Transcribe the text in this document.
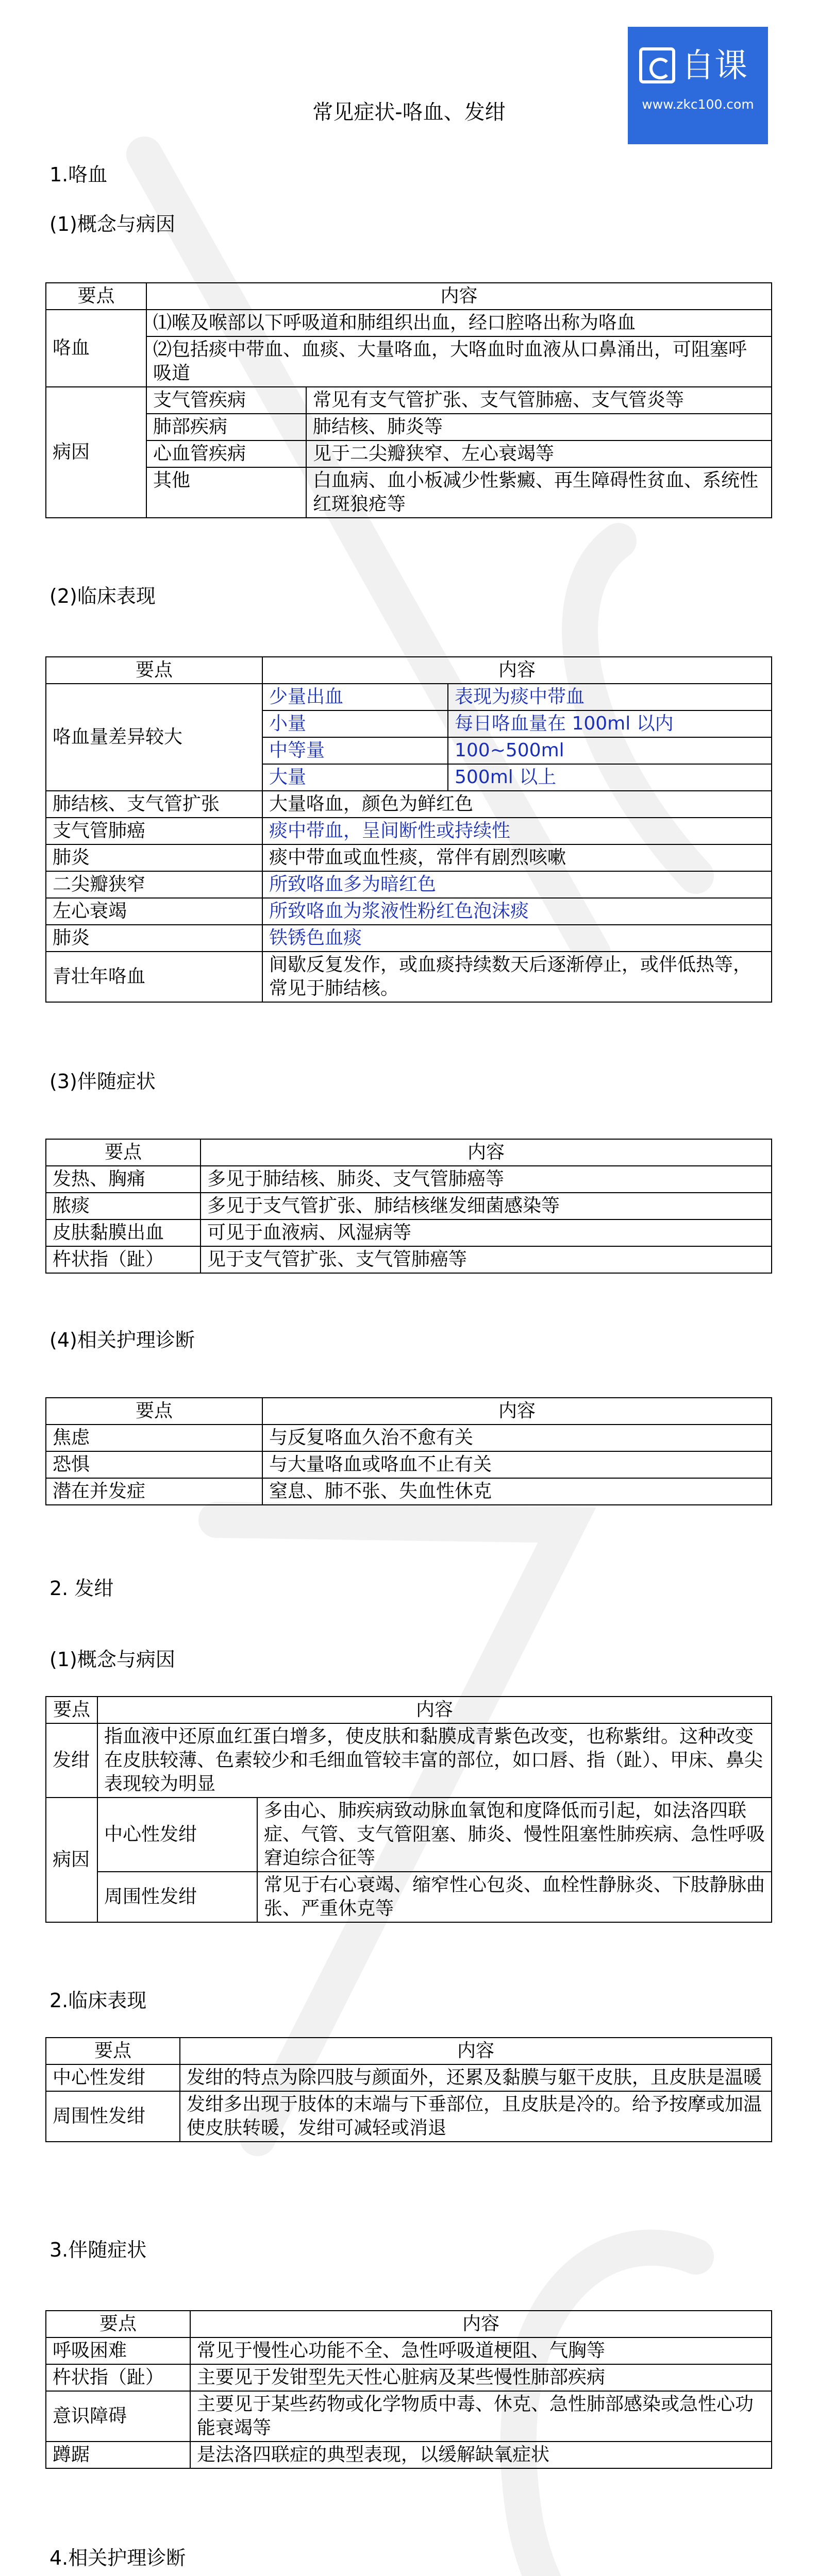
自课
www.zkc100.com
常见症状-咯血、发绀
1.咯血
(1)概念与病因
要点	内容	
咯血	⑴喉及喉部以下呼吸道和肺组织出血，经口腔咯出称为咯血	
	⑵包括痰中带血、血痰、大量咯血，大咯血时血液从口鼻涌出，可阻塞呼吸道	
病因	支气管疾病	常见有支气管扩张、支气管肺癌、支气管炎等
	肺部疾病	肺结核、肺炎等
	心血管疾病	见于二尖瓣狭窄、左心衰竭等
	其他	白血病、血小板减少性紫癜、再生障碍性贫血、系统性红斑狼疮等
(2)临床表现
要点	内容	
咯血量差异较大	少量出血	表现为痰中带血
	小量	每日咯血量在 100ml 以内
	中等量	100~500ml
	大量	500ml 以上
肺结核、支气管扩张	大量咯血，颜色为鲜红色	
支气管肺癌	痰中带血，呈间断性或持续性	
肺炎	痰中带血或血性痰，常伴有剧烈咳嗽	
二尖瓣狭窄	所致咯血多为暗红色	
左心衰竭	所致咯血为浆液性粉红色泡沫痰	
肺炎	铁锈色血痰	
青壮年咯血	间歇反复发作，或血痰持续数天后逐渐停止，或伴低热等，常见于肺结核。	
(3)伴随症状
要点	内容
发热、胸痛	多见于肺结核、肺炎、支气管肺癌等
脓痰	多见于支气管扩张、肺结核继发细菌感染等
皮肤黏膜出血	可见于血液病、风湿病等
杵状指（趾）	见于支气管扩张、支气管肺癌等
(4)相关护理诊断
要点	内容
焦虑	与反复咯血久治不愈有关
恐惧	与大量咯血或咯血不止有关
潜在并发症	窒息、肺不张、失血性休克
2. 发绀
(1)概念与病因
要点	内容	
发绀	指血液中还原血红蛋白增多，使皮肤和黏膜成青紫色改变，也称紫绀。这种改变在皮肤较薄、色素较少和毛细血管较丰富的部位，如口唇、指（趾）、甲床、鼻尖表现较为明显	
病因	中心性发绀	多由心、肺疾病致动脉血氧饱和度降低而引起，如法洛四联症、气管、支气管阻塞、肺炎、慢性阻塞性肺疾病、急性呼吸窘迫综合征等
	周围性发绀	常见于右心衰竭、缩窄性心包炎、血栓性静脉炎、下肢静脉曲张、严重休克等
2.临床表现
要点	内容
中心性发绀	发绀的特点为除四肢与颜面外，还累及黏膜与躯干皮肤，且皮肤是温暖
周围性发绀	发绀多出现于肢体的末端与下垂部位，且皮肤是冷的。给予按摩或加温使皮肤转暖，发绀可减轻或消退
3.伴随症状
要点	内容
呼吸困难	常见于慢性心功能不全、急性呼吸道梗阻、气胸等
杵状指（趾）	主要见于发钳型先天性心脏病及某些慢性肺部疾病
意识障碍	主要见于某些药物或化学物质中毒、休克、急性肺部感染或急性心功能衰竭等
蹲踞	是法洛四联症的典型表现，以缓解缺氧症状
4.相关护理诊断
